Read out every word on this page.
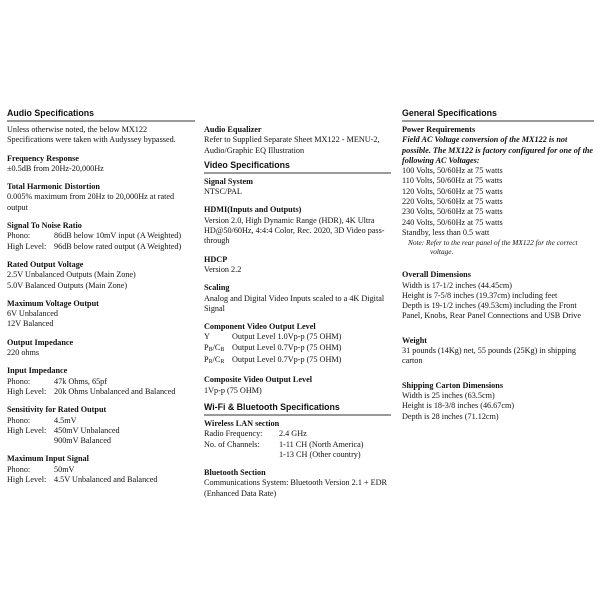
Audio Specifications

Unless otherwise noted, the below MX122 Specifications were taken with Audyssey bypassed.

Frequency Response

±0.5dB from 20Hz-20,000Hz

Total Harmonic Distortion

0.005% maximum from 20Hz to 20,000Hz at rated output

Signal To Noise Ratio
Phono:	86dB below 10mV input (A Weighted)
High Level: 96dB below rated output (A Weighted)
Rated Output Voltage

2.5V Unbalanced Outputs (Main Zone)

5.0V Balanced Outputs (Main Zone)

Maximum Voltage Output

6V Unbalanced

12V Balanced

Output Impedance

220 ohms

Input Impedance
Phono:	47k Ohms, 65pf
High Level: 20k Ohms Unbalanced and Balanced
Sensitivity for Rated Output
Phono:	4.5mV
High Level: 450mV Unbalanced
900mV Balanced
Maximum Input Signal
Phono:	50mV
High Level: 4.5V Unbalanced and Balanced
Audio Equalizer

Refer to Supplied Separate Sheet MX122 - MENU-2, Audio/Graphic EQ Illustration

Video Specifications
Signal System

NTSC/PAL

HDMI(Inputs and Outputs)

Version 2.0, High Dynamic Range (HDR), 4K Ultra HD@50/60Hz, 4:4:4 Color, Rec. 2020, 3D Video pass-through

HDCP

Version 2.2

Scaling

Analog and Digital Video Inputs scaled to a 4K Digital Signal

Component Video Output Level
Y	Output Level 1.0Vp-p (75 OHM)
PB/CB Output Level 0.7Vp-p (75 OHM)
PR/CR Output Level 0.7Vp-p (75 OHM)
Composite Video Output Level

1Vp-p (75 OHM)

Wi-Fi & Bluetooth Specifications
Wireless LAN section
Radio Frequency:	2.4 GHz
No. of Channels:	1-11 CH (North America)
1-13 CH (Other country)
Bluetooth Section

Communications System: Bluetooth Version 2.1 + EDR (Enhanced Data Rate)

General Specifications
Power Requirements

Field AC Voltage conversion of the MX122 is not possible. The MX122 is factory configured for one of the following AC Voltages:

100 Volts, 50/60Hz at 75 watts

110 Volts, 50/60Hz at 75 watts

120 Volts, 50/60Hz at 75 watts

220 Volts, 50/60Hz at 75 watts

230 Volts, 50/60Hz at 75 watts

240 Volts, 50/60Hz at 75 watts

Standby, less than 0.5 watt

Note: Refer to the rear panel of the MX122 for the correct
voltage.
Overall Dimensions

Width is 17-1/2 inches (44.45cm)

Height is 7-5/8 inches (19.37cm) including feet

Depth is 19-1/2 inches (49.53cm) including the Front Panel, Knobs, Rear Panel Connections and USB Drive

Weight

31 pounds (14Kg) net, 55 pounds (25Kg) in shipping carton

Shipping Carton Dimensions

Width is 25 inches (63.5cm)

Height is 18-3/8 inches (46.67cm)

Depth is 28 inches (71.12cm)
